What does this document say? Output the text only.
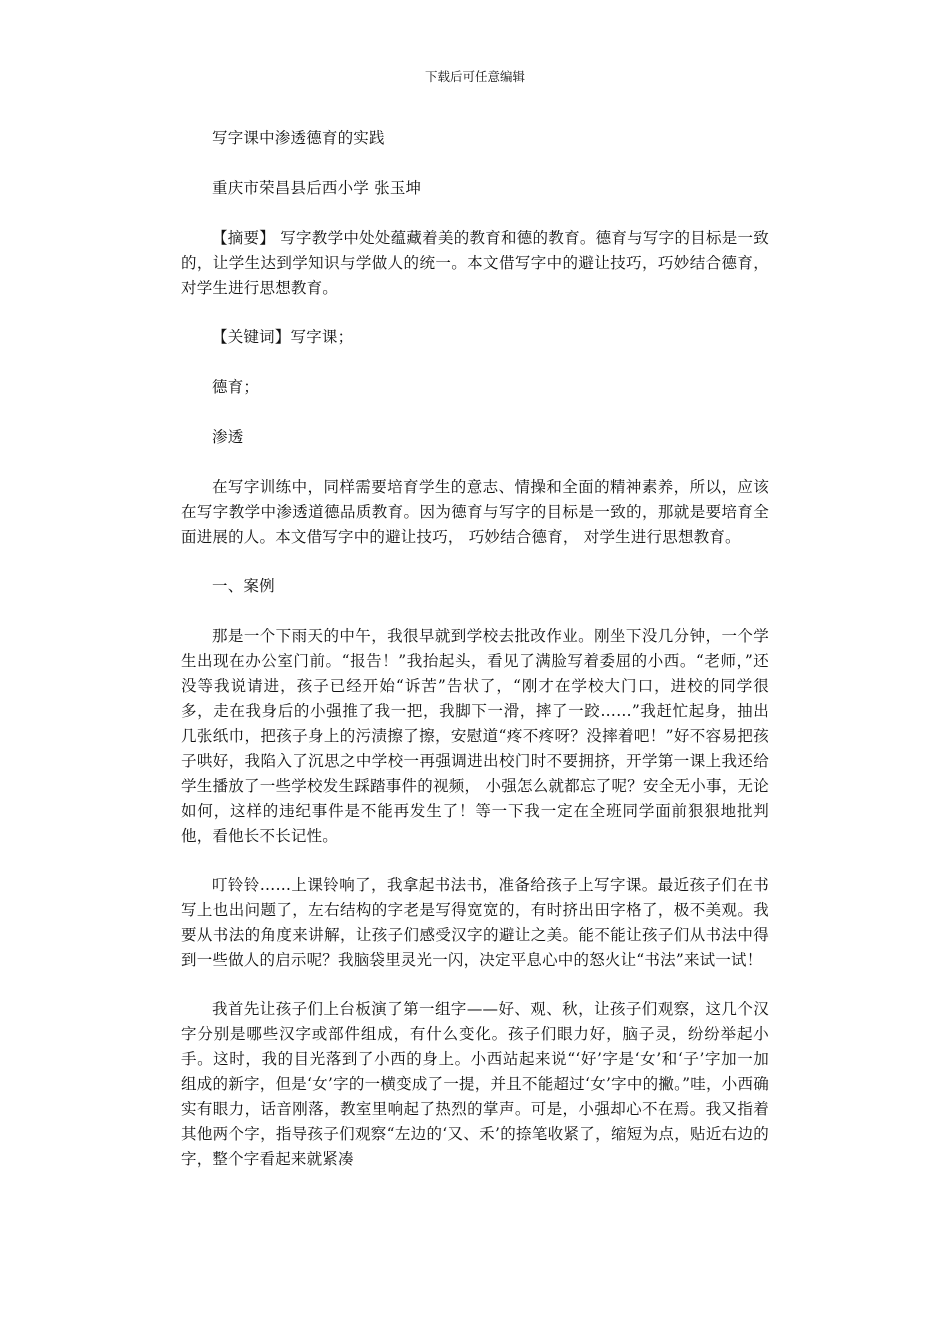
下载后可任意编辑

写字课中渗透德育的实践

重庆市荣昌县后西小学 张玉坤

【摘要】 写字教学中处处蕴藏着美的教育和德的教育。德育与写字的目标是一致的，让学生达到学知识与学做人的统一。本文借写字中的避让技巧，巧妙结合德育，对学生进行思想教育。

【关键词】写字课；

德育；

渗透

在写字训练中，同样需要培育学生的意志、情操和全面的精神素养，所以，应该在写字教学中渗透道德品质教育。因为德育与写字的目标是一致的，那就是要培育全面进展的人。本文借写字中的避让技巧， 巧妙结合德育， 对学生进行思想教育。

一、案例

那是一个下雨天的中午，我很早就到学校去批改作业。刚坐下没几分钟，一个学生出现在办公室门前。“报告！”我抬起头，看见了满脸写着委屈的小西。“老师，”还没等我说请进，孩子已经开始“诉苦”告状了，“刚才在学校大门口，进校的同学很多，走在我身后的小强推了我一把，我脚下一滑，摔了一跤……”我赶忙起身，抽出几张纸巾，把孩子身上的污渍擦了擦，安慰道“疼不疼呀？没摔着吧！”好不容易把孩子哄好，我陷入了沉思之中学校一再强调进出校门时不要拥挤，开学第一课上我还给学生播放了一些学校发生踩踏事件的视频， 小强怎么就都忘了呢？安全无小事，无论如何，这样的违纪事件是不能再发生了！等一下我一定在全班同学面前狠狠地批判他，看他长不长记性。

叮铃铃……上课铃响了，我拿起书法书，准备给孩子上写字课。最近孩子们在书写上也出问题了，左右结构的字老是写得宽宽的，有时挤出田字格了，极不美观。我要从书法的角度来讲解，让孩子们感受汉字的避让之美。能不能让孩子们从书法中得到一些做人的启示呢？我脑袋里灵光一闪，决定平息心中的怒火让“书法”来试一试！

我首先让孩子们上台板演了第一组字——好、观、秋，让孩子们观察，这几个汉字分别是哪些汉字或部件组成，有什么变化。孩子们眼力好，脑子灵，纷纷举起小手。这时，我的目光落到了小西的身上。小西站起来说“‘好’字是‘女’和‘子’字加一加组成的新字，但是‘女’字的一横变成了一提，并且不能超过‘女’字中的撇。”哇，小西确实有眼力，话音刚落，教室里响起了热烈的掌声。可是，小强却心不在焉。我又指着其他两个字，指导孩子们观察“左边的‘又、禾’的捺笔收紧了，缩短为点，贴近右边的字，整个字看起来就紧凑
